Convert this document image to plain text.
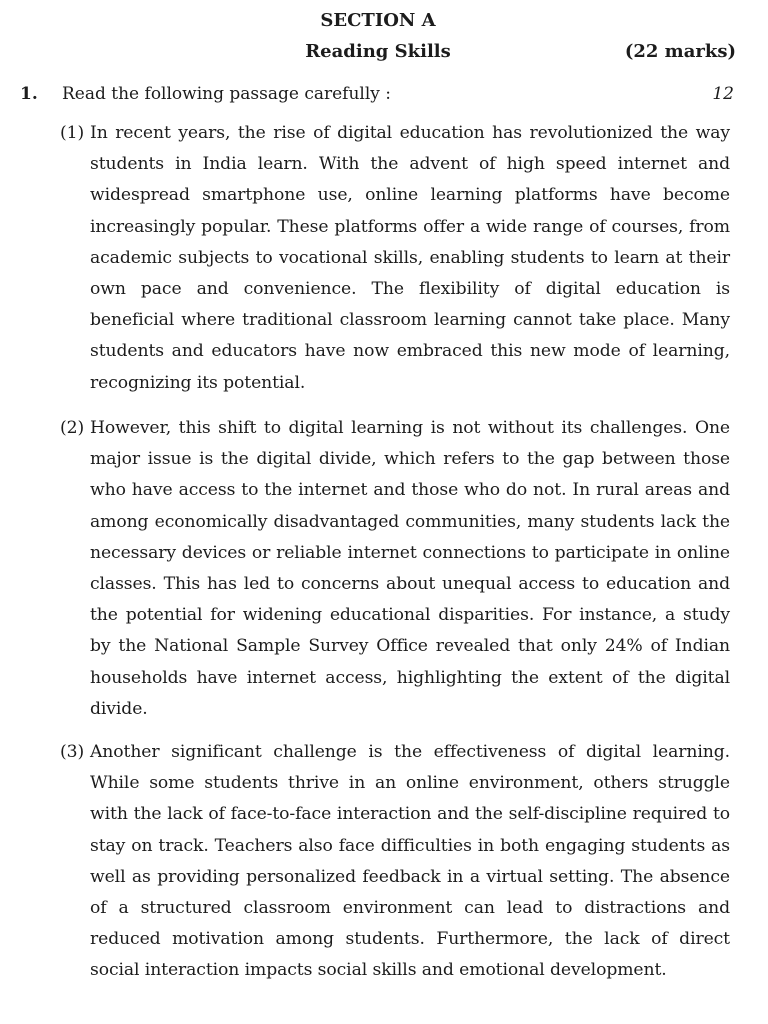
SECTION A
Reading Skills	(22 marks)
1. Read the following passage carefully :	12
(1) In recent years, the rise of digital education has revolutionized the way students in India learn. With the advent of high speed internet and widespread smartphone use, online learning platforms have become increasingly popular. These platforms offer a wide range of courses, from academic subjects to vocational skills, enabling students to learn at their own pace and convenience. The flexibility of digital education is beneficial where traditional classroom learning cannot take place. Many students and educators have now embraced this new mode of learning, recognizing its potential.
(2) However, this shift to digital learning is not without its challenges. One major issue is the digital divide, which refers to the gap between those who have access to the internet and those who do not. In rural areas and among economically disadvantaged communities, many students lack the necessary devices or reliable internet connections to participate in online classes. This has led to concerns about unequal access to education and the potential for widening educational disparities. For instance, a study by the National Sample Survey Office revealed that only 24% of Indian households have internet access, highlighting the extent of the digital divide.
(3) Another significant challenge is the effectiveness of digital learning. While some students thrive in an online environment, others struggle with the lack of face-to-face interaction and the self-discipline required to stay on track. Teachers also face difficulties in both engaging students as well as providing personalized feedback in a virtual setting. The absence of a structured classroom environment can lead to distractions and reduced motivation among students. Furthermore, the lack of direct social interaction impacts social skills and emotional development.
